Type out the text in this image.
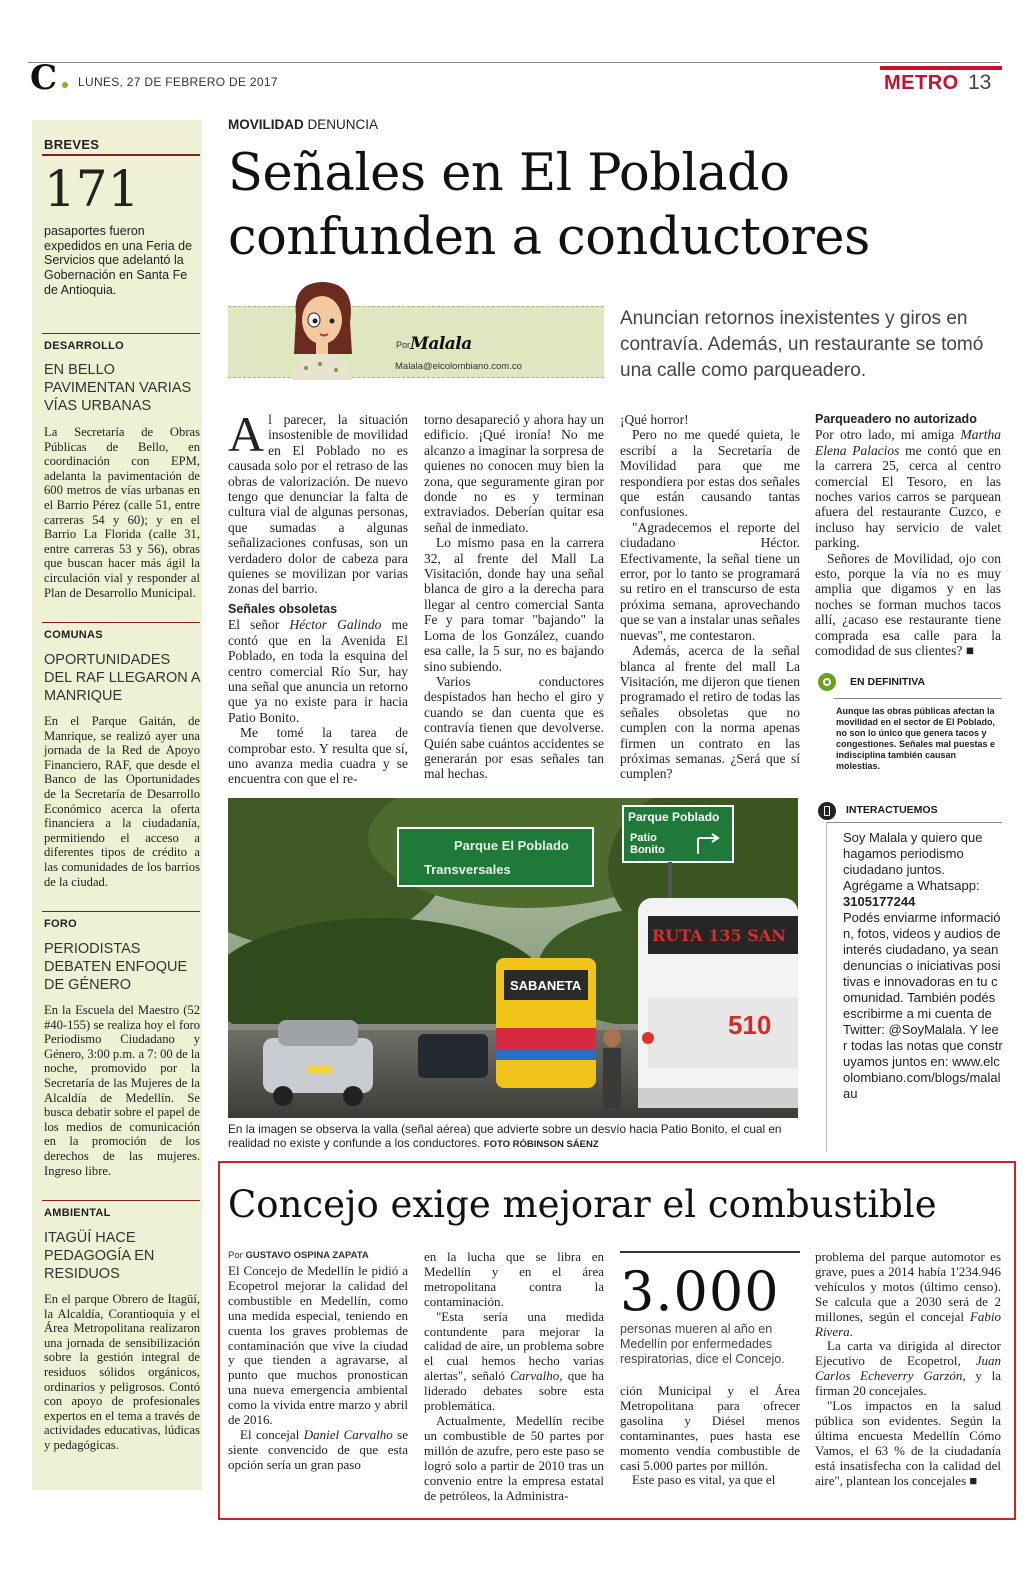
C LUNES, 27 DE FEBRERO DE 2017	METRO 13
BREVES
171
pasaportes fueron expedidos en una Feria de Servicios que adelantó la Gobernación en Santa Fe de Antioquia.
DESARROLLO
EN BELLO PAVIMENTAN VARIAS VÍAS URBANAS
La Secretaría de Obras Públicas de Bello, en coordinación con EPM, adelanta la pavimentación de 600 metros de vías urbanas en el Barrio Pérez (calle 51, entre carreras 54 y 60); y en el Barrio La Florida (calle 31, entre carreras 53 y 56), obras que buscan hacer más ágil la circulación vial y responder al Plan de Desarrollo Municipal.
COMUNAS
OPORTUNIDADES DEL RAF LLEGARON A MANRIQUE
En el Parque Gaitán, de Manrique, se realizó ayer una jornada de la Red de Apoyo Financiero, RAF, que desde el Banco de las Oportunidades de la Secretaría de Desarrollo Económico acerca la oferta financiera a la ciudadanía, permitiendo el acceso a diferentes tipos de crédito a las comunidades de los barrios de la ciudad.
FORO
PERIODISTAS DEBATEN ENFOQUE DE GÉNERO
En la Escuela del Maestro (52 #40-155) se realiza hoy el foro Periodismo Ciudadano y Género, 3:00 p.m. a 7: 00 de la noche, promovido por la Secretaría de las Mujeres de la Alcaldía de Medellín. Se busca debatir sobre el papel de los medios de comunicación en la promoción de los derechos de las mujeres. Ingreso libre.
AMBIENTAL
ITAGÜÍ HACE PEDAGOGÍA EN RESIDUOS
En el parque Obrero de Itagüí, la Alcaldía, Corantioquia y el Área Metropolitana realizaron una jornada de sensibilización sobre la gestión integral de residuos sólidos orgánicos, ordinarios y peligrosos. Contó con apoyo de profesionales expertos en el tema a través de actividades educativas, lúdicas y pedagógicas.
MOVILIDAD DENUNCIA
Señales en El Poblado confunden a conductores
Por Malala
Malala@elcolombiano.com.co
Anuncian retornos inexistentes y giros en contravía. Además, un restaurante se tomó una calle como parqueadero.

Al parecer, la situación insostenible de movilidad en El Poblado no es causada solo por el retraso de las obras de valorización. De nuevo tengo que denunciar la falta de cultura vial de algunas personas, que sumadas a algunas señalizaciones confusas, son un verdadero dolor de cabeza para quienes se movilizan por varias zonas del barrio.

Señales obsoletas

El señor Héctor Galindo me contó que en la Avenida El Poblado, en toda la esquina del centro comercial Río Sur, hay una señal que anuncia un retorno que ya no existe para ir hacia Patio Bonito.

Me tomé la tarea de comprobar esto. Y resulta que sí, uno avanza media cuadra y se encuentra con que el re-

torno desapareció y ahora hay un edificio. ¡Qué ironía! No me alcanzo a imaginar la sorpresa de quienes no conocen muy bien la zona, que seguramente giran por donde no es y terminan extraviados. Deberían quitar esa señal de inmediato.

Lo mismo pasa en la carrera 32, al frente del Mall La Visitación, donde hay una señal blanca de giro a la derecha para llegar al centro comercial Santa Fe y para tomar "bajando" la Loma de los González, cuando esa calle, la 5 sur, no es bajando sino subiendo.

Varios conductores despistados han hecho el giro y cuando se dan cuenta que es contravía tienen que devolverse. Quién sabe cuántos accidentes se generarán por esas señales tan mal hechas.

¡Qué horror!

Pero no me quedé quieta, le escribí a la Secretaría de Movilidad para que me respondiera por estas dos señales que están causando tantas confusiones.

"Agradecemos el reporte del ciudadano Héctor. Efectivamente, la señal tiene un error, por lo tanto se programará su retiro en el transcurso de esta próxima semana, aprovechando que se van a instalar unas señales nuevas", me contestaron.

Además, acerca de la señal blanca al frente del mall La Visitación, me dijeron que tienen programado el retiro de todas las señales obsoletas que no cumplen con la norma apenas firmen un contrato en las próximas semanas. ¿Será que sí cumplen?

Parqueadero no autorizado

Por otro lado, mi amiga Martha Elena Palacios me contó que en la carrera 25, cerca al centro comercial El Tesoro, en las noches varios carros se parquean afuera del restaurante Cuzco, e incluso hay servicio de valet parking.

Señores de Movilidad, ojo con esto, porque la vía no es muy amplia que digamos y en las noches se forman muchos tacos allí, ¿acaso ese restaurante tiene comprada esa calle para la comodidad de sus clientes? ■

EN DEFINITIVA
Aunque las obras públicas afectan la movilidad en el sector de El Poblado, no son lo único que genera tacos y congestiones. Señales mal puestas e indisciplina también causan molestias.
INTERACTUEMOS
Soy Malala y quiero que hagamos periodismo ciudadano juntos. Agrégame a Whatsapp:
3105177244
Podés enviarme información, fotos, videos y audios de interés ciudadano, ya sean denuncias o iniciativas positivas e innovadoras en tu comunidad. También podés escribirme a mi cuenta de Twitter: @SoyMalala. Y leer todas las notas que construyamos juntos en: www.elcolombiano.com/blogs/malalau
Parque Poblado
Patio
Bonito
Parque El Poblado
Transversales
SABANETA
RUTA 135 SAN
510
En la imagen se observa la valla (señal aérea) que advierte sobre un desvío hacia Patio Bonito, el cual en realidad no existe y confunde a los conductores. FOTO RÓBINSON SÁENZ
Concejo exige mejorar el combustible
Por GUSTAVO OSPINA ZAPATA

El Concejo de Medellín le pidió a Ecopetrol mejorar la calidad del combustible en Medellín, como una medida especial, teniendo en cuenta los graves problemas de contaminación que vive la ciudad y que tienden a agravarse, al punto que muchos pronostican una nueva emergencia ambiental como la vivida entre marzo y abril de 2016.

El concejal Daniel Carvalho se siente convencido de que esta opción sería un gran paso

en la lucha que se libra en Medellín y en el área metropolitana contra la contaminación.

"Esta sería una medida contundente para mejorar la calidad de aire, un problema sobre el cual hemos hecho varias alertas", señaló Carvalho, que ha liderado debates sobre esta problemática.

Actualmente, Medellín recibe un combustible de 50 partes por millón de azufre, pero este paso se logró solo a partir de 2010 tras un convenio entre la empresa estatal de petróleos, la Administra-

3.000
personas mueren al año en Medellín por enfermedades respiratorias, dice el Concejo.

ción Municipal y el Área Metropolitana para ofrecer gasolina y Diésel menos contaminantes, pues hasta ese momento vendía combustible de casi 5.000 partes por millón.

Este paso es vital, ya que el

problema del parque automotor es grave, pues a 2014 había 1'234.946 vehículos y motos (último censo). Se calcula que a 2030 será de 2 millones, según el concejal Fabio Rivera.

La carta va dirigida al director Ejecutivo de Ecopetrol, Juan Carlos Echeverry Garzón, y la firman 20 concejales.

"Los impactos en la salud pública son evidentes. Según la última encuesta Medellín Cómo Vamos, el 63 % de la ciudadanía está insatisfecha con la calidad del aire", plantean los concejales ■
